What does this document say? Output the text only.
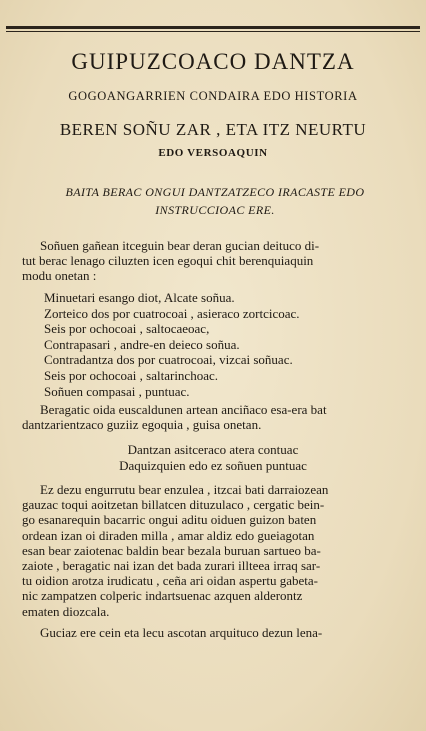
GUIPUZCOACO DANTZA
GOGOANGARRIEN CONDAIRA EDO HISTORIA
BEREN SOÑU ZAR , ETA ITZ NEURTU
EDO VERSOAQUIN
BAITA BERAC ONGUI DANTZATZECO IRACASTE EDO
INSTRUCCIOAC ERE.
Soñuen gañean itceguin bear deran gucian deituco di-
tut berac lenago ciluzten icen egoqui chit berenquiaquin
modu onetan :
Minuetari esango diot, Alcate soñua.
Zorteico dos por cuatrocoai , asieraco zortcicoac.
Seis por ochocoai , saltocaeoac,
Contrapasari , andre-en deieco soñua.
Contradantza dos por cuatrocoai, vizcai soñuac.
Seis por ochocoai , saltarinchoac.
Soñuen compasai , puntuac.
Beragatic oida euscaldunen artean anciñaco esa-era bat
dantzarientzaco guziiz egoquia , guisa onetan.
Dantzan asitceraco atera contuac
Daquizquien edo ez soñuen puntuac
Ez dezu engurrutu bear enzulea , itzcai bati darraiozean
gauzac toqui aoitzetan billatcen dituzulaco , cergatic bein-
go esanarequin bacarric ongui aditu oiduen guizon baten
ordean izan oi diraden milla , amar aldiz edo gueiagotan
esan bear zaiotenac baldin bear bezala buruan sartueo ba-
zaiote , beragatic nai izan det bada zurari illteea irraq sar-
tu oidion arotza irudicatu , ceña ari oidan aspertu gabeta-
nic zampatzen colperic indartsuenac azquen alderontz
ematen diozcala.
Guciaz ere cein eta lecu ascotan arquituco dezun lena-
